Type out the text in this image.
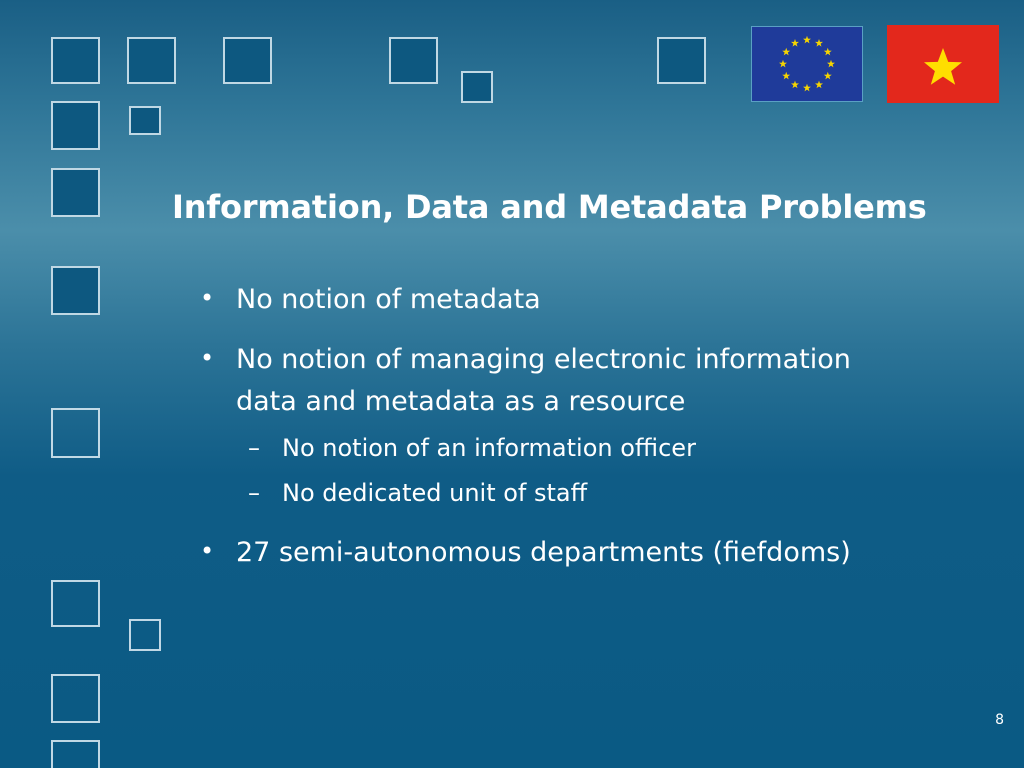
Information, Data and Metadata Problems
• No notion of metadata
• No notion of managing electronic information
data and metadata as a resource
– No notion of an information officer
– No dedicated unit of staff
• 27 semi-autonomous departments (fiefdoms)
8
